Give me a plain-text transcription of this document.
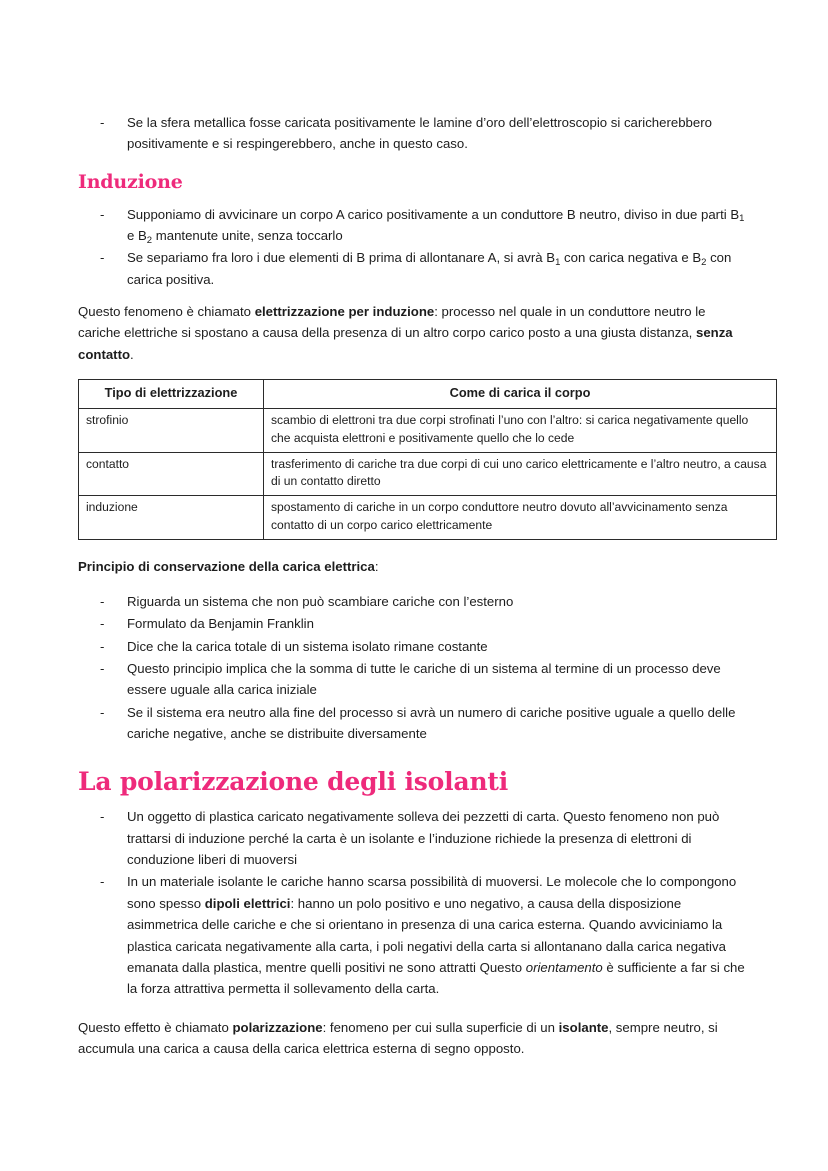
-	Se la sfera metallica fosse caricata positivamente le lamine d’oro dell’elettroscopio si caricherebbero positivamente e si respingerebbero, anche in questo caso.
Induzione
-	Supponiamo di avvicinare un corpo A carico positivamente a un conduttore B neutro, diviso in due parti $B_1$ e $B_2$ mantenute unite, senza toccarlo
-	Se separiamo fra loro i due elementi di B prima di allontanare A, si avrà $B_1$ con carica negativa e $B_2$ con carica positiva.

Questo fenomeno è chiamato elettrizzazione per induzione: processo nel quale in un conduttore neutro le cariche elettriche si spostano a causa della presenza di un altro corpo carico posto a una giusta distanza, senza contatto.

Tipo di elettrizzazione	Come di carica il corpo
strofinio	scambio di elettroni tra due corpi strofinati l’uno con l’altro: si carica negativamente quello che acquista elettroni e positivamente quello che lo cede
contatto	trasferimento di cariche tra due corpi di cui uno carico elettricamente e l’altro neutro, a causa di un contatto diretto
induzione	spostamento di cariche in un corpo conduttore neutro dovuto all’avvicinamento senza contatto di un corpo carico elettricamente

Principio di conservazione della carica elettrica:

-	Riguarda un sistema che non può scambiare cariche con l’esterno
-	Formulato da Benjamin Franklin
-	Dice che la carica totale di un sistema isolato rimane costante
-	Questo principio implica che la somma di tutte le cariche di un sistema al termine di un processo deve essere uguale alla carica iniziale
-	Se il sistema era neutro alla fine del processo si avrà un numero di cariche positive uguale a quello delle cariche negative, anche se distribuite diversamente
La polarizzazione degli isolanti
-	Un oggetto di plastica caricato negativamente solleva dei pezzetti di carta. Questo fenomeno non può trattarsi di induzione perché la carta è un isolante e l’induzione richiede la presenza di elettroni di conduzione liberi di muoversi
-	In un materiale isolante le cariche hanno scarsa possibilità di muoversi. Le molecole che lo compongono sono spesso dipoli elettrici: hanno un polo positivo e uno negativo, a causa della disposizione asimmetrica delle cariche e che si orientano in presenza di una carica esterna. Quando avviciniamo la plastica caricata negativamente alla carta, i poli negativi della carta si allontanano dalla carica negativa emanata dalla plastica, mentre quelli positivi ne sono attratti Questo orientamento è sufficiente a far si che la forza attrattiva permetta il sollevamento della carta.

Questo effetto è chiamato polarizzazione: fenomeno per cui sulla superficie di un isolante, sempre neutro, si accumula una carica a causa della carica elettrica esterna di segno opposto.
